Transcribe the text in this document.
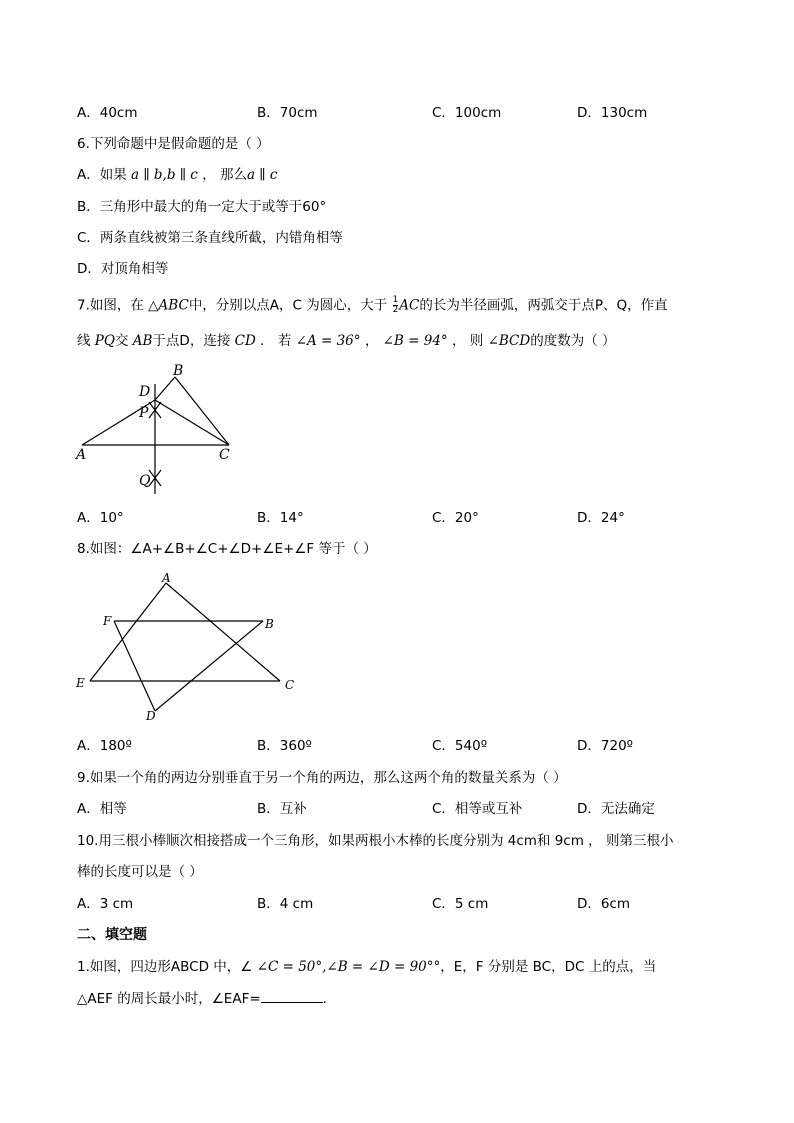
A．40cm	B．70cm	C．100cm	D．130cm
6.下列命题中是假命题的是（ ）
A．如果 a ∥ b,b ∥ c ， 那么a ∥ c
B．三角形中最大的角一定大于或等于60°
C．两条直线被第三条直线所截，内错角相等
D．对顶角相等
7.如图，在 △ABC中，分别以点A，C 为圆心，大于 $\frac{1}{2}$ AC的长为半径画弧，两弧交于点P、Q，作直
线 PQ交 AB于点D，连接 CD ． 若 ∠A = 36° ， ∠B = 94° ， 则 ∠BCD的度数为（ ）
B
D
P
A	C
Q
A．10°	B．14°	C．20°	D．24°
8.如图：∠A+∠B+∠C+∠D+∠E+∠F 等于（ ）
A
F	B
E	C
D
A．180º	B．360º	C．540º	D．720º
9.如果一个角的两边分别垂直于另一个角的两边，那么这两个角的数量关系为（ ）
A．相等	B．互补	C．相等或互补	D．无法确定
10.用三根小棒顺次相接搭成一个三角形，如果两根小木棒的长度分别为 4cm和 9cm ， 则第三根小
棒的长度可以是（ ）
A．3 cm	B．4 cm	C．5 cm	D．6cm
二、填空题
1.如图，四边形ABCD 中，∠ ∠C = 50°,∠B = ∠D = 90°°，E，F 分别是 BC，DC 上的点，当
△AEF 的周长最小时，∠EAF=	.
